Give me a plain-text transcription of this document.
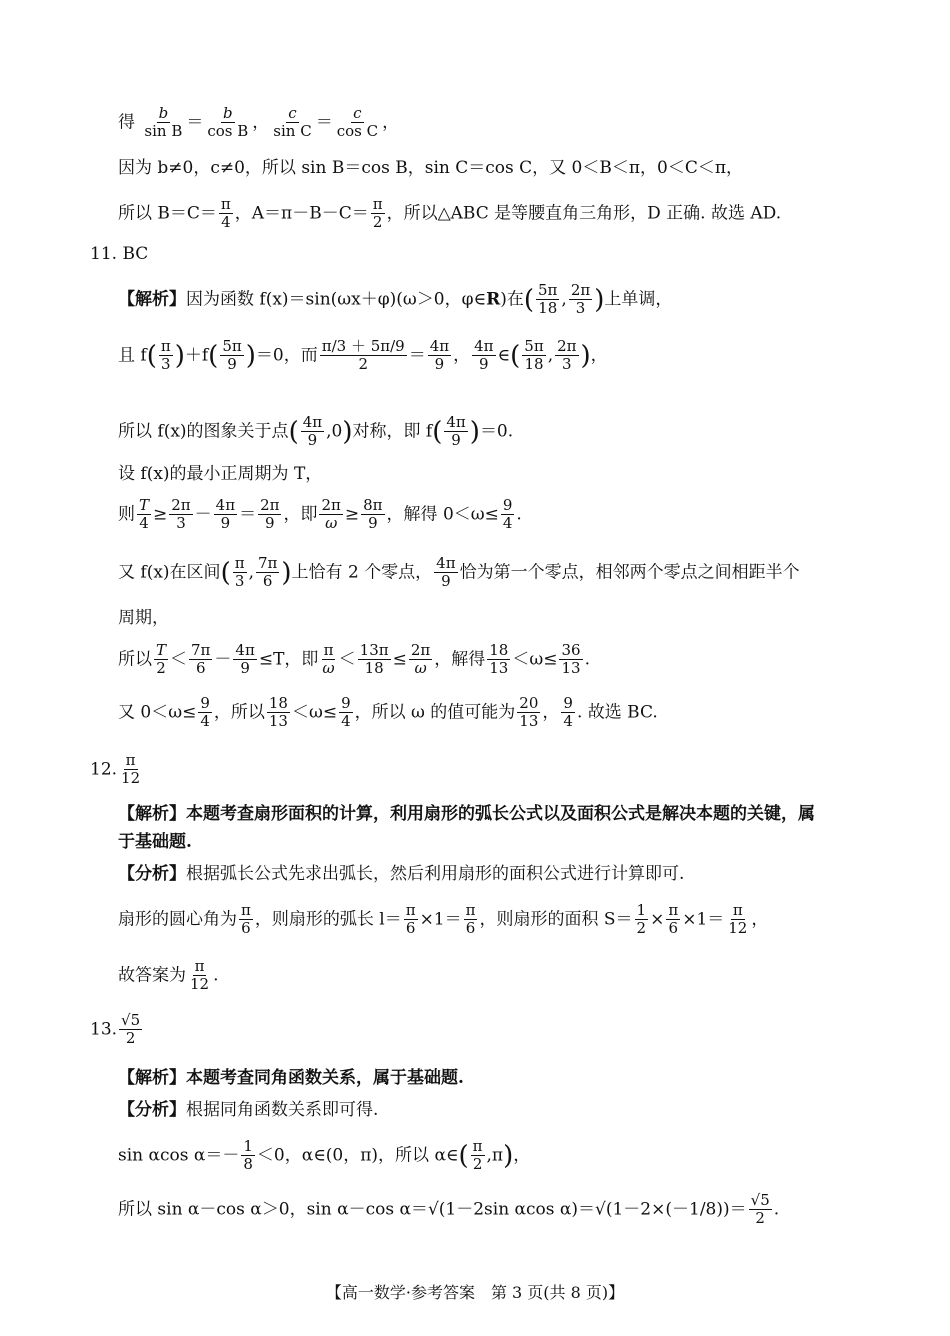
得 $\frac{b}{\text{sin B}} = \frac{b}{\text{cos B}}$ ， $\frac{c}{\text{sin C}} = \frac{c}{\text{cos C}}$ ，
因为 b≠0，c≠0，所以 sin B＝cos B，sin C＝cos C，又 0＜B＜π，0＜C＜π，
所以 $B=C= \frac{\pi}{4}$ ，$A=\pi-B-C= \frac{\pi}{2}$ ，所以△ABC 是等腰直角三角形，D 正确. 故选 AD.
11. BC
【解析】因为函数 f(x)＝sin(ωx＋φ)(ω＞0，φ∈R)在( $\frac{5\pi}{18}$ , $\frac{2\pi}{3}$ )上单调，
且 $f( \frac{\pi}{3} )+f( \frac{5\pi}{9} )=0$，而 $\frac{\pi/3 + 5\pi/9}{2} = \frac{4\pi}{9}$ ， $\frac{4\pi}{9}$ ∈( $\frac{5\pi}{18}$ , $\frac{2\pi}{3}$ )，
所以 f(x)的图象关于点( $\frac{4\pi}{9} ,0$)对称，即 $f( \frac{4\pi}{9} )=0$.
设 f(x)的最小正周期为 T，
则 $\frac{T}{4} \ge \frac{2\pi}{3} - \frac{4\pi}{9} = \frac{2\pi}{9}$ ，即 $\frac{2\pi}{\omega} \ge \frac{8\pi}{9}$ ，解得 $0<\omega\le \frac{9}{4}$ .
又 f(x)在区间( $\frac{\pi}{3}$ , $\frac{7\pi}{6}$ )上恰有 2 个零点， $\frac{4\pi}{9}$ 恰为第一个零点，相邻两个零点之间相距半个
周期，
所以 $\frac{T}{2} < \frac{7\pi}{6} - \frac{4\pi}{9} \le T$，即 $\frac{\pi}{\omega} < \frac{13\pi}{18} \le \frac{2\pi}{\omega}$ ，解得 $\frac{18}{13} <\omega\le \frac{36}{13}$ .
又 $0<\omega\le \frac{9}{4}$ ，所以 $\frac{18}{13} <\omega\le \frac{9}{4}$ ，所以 ω 的值可能为 $\frac{20}{13}$ ， $\frac{9}{4}$ . 故选 BC.
12. $\frac{\pi}{12}$
【解析】本题考查扇形面积的计算，利用扇形的弧长公式以及面积公式是解决本题的关键，属
于基础题.
【分析】根据弧长公式先求出弧长，然后利用扇形的面积公式进行计算即可.
扇形的圆心角为 $\frac{\pi}{6}$ ，则扇形的弧长 $l= \frac{\pi}{6} \times 1= \frac{\pi}{6}$ ，则扇形的面积 $S= \frac{1}{2} \times \frac{\pi}{6} \times 1= \frac{\pi}{12}$ ，
故答案为 $\frac{\pi}{12}$ .
13. $\frac{√5}{2}$
【解析】本题考查同角函数关系，属于基础题.
【分析】根据同角函数关系即可得.
sin αcos $\alpha=- \frac{1}{8} <0$，α∈(0，π)，所以 α∈( $\frac{\pi}{2} ,\pi$)，
所以 sin α－cos α＞0，sin α－cos α＝√(1－2sin αcos $\alpha)=√(1-2\times(-1/8))= \frac{√5}{2}$ .
【高一数学·参考答案　第 3 页(共 8 页)】
